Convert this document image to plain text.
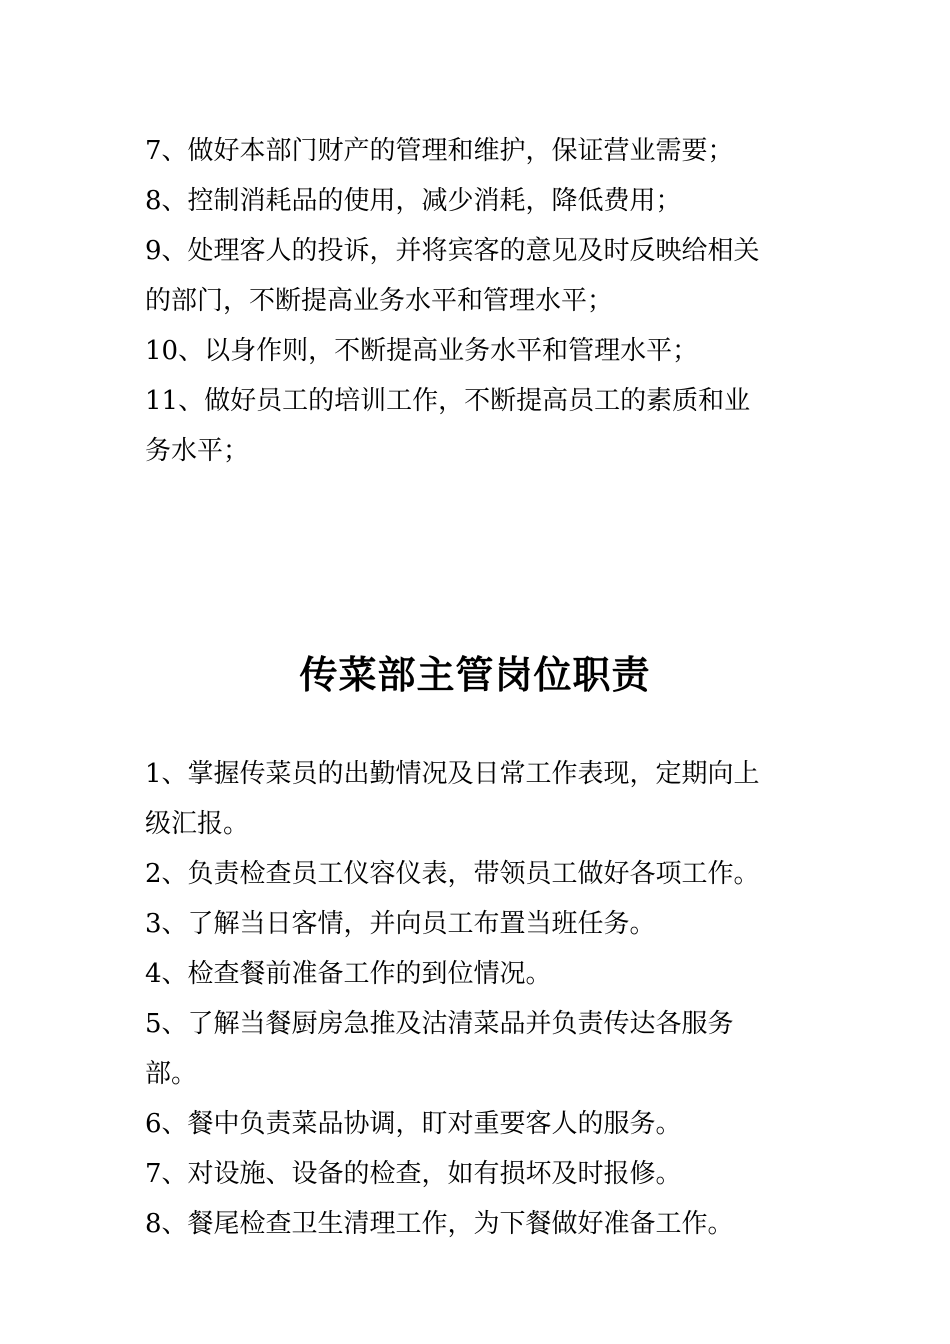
7、做好本部门财产的管理和维护，保证营业需要；

8、控制消耗品的使用，减少消耗，降低费用；

9、处理客人的投诉，并将宾客的意见及时反映给相关

的部门，不断提高业务水平和管理水平；

10、以身作则，不断提高业务水平和管理水平；

11、做好员工的培训工作，不断提高员工的素质和业

务水平；

传菜部主管岗位职责

1、掌握传菜员的出勤情况及日常工作表现，定期向上

级汇报。

2、负责检查员工仪容仪表，带领员工做好各项工作。

3、了解当日客情，并向员工布置当班任务。

4、检查餐前准备工作的到位情况。

5、了解当餐厨房急推及沽清菜品并负责传达各服务

部。

6、餐中负责菜品协调，盯对重要客人的服务。

7、对设施、设备的检查，如有损坏及时报修。

8、餐尾检查卫生清理工作，为下餐做好准备工作。
